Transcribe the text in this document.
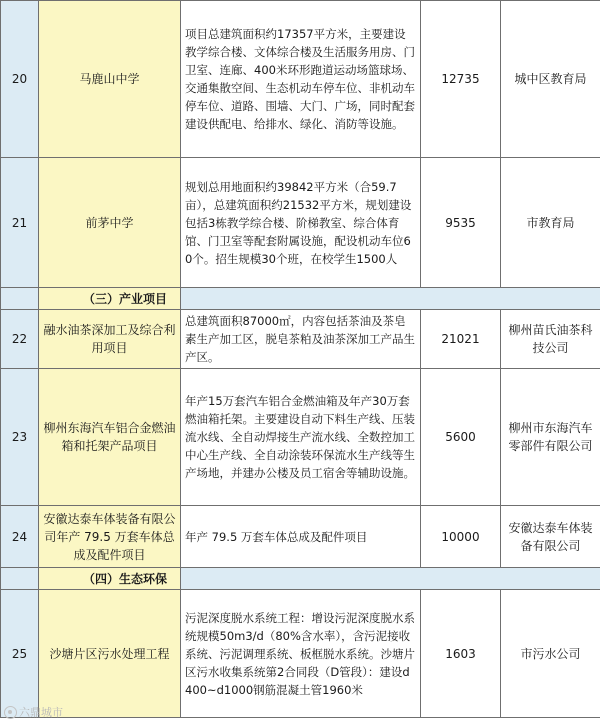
20	马鹿山中学	项目总建筑面积约17357平方米，主要建设教学综合楼、文体综合楼及生活服务用房、门卫室、连廊、400米环形跑道运动场篮球场、交通集散空间、生态机动车停车位、非机动车停车位、道路、围墙、大门、广场，同时配套建设供配电、给排水、绿化、消防等设施。	12735	城中区教育局
21	前茅中学	规划总用地面积约39842平方米（合59.7亩），总建筑面积约21532平方米，规划建设包括3栋教学综合楼、阶梯教室、综合体育馆、门卫室等配套附属设施，配设机动车位60个。招生规模30个班，在校学生1500人	9535	市教育局
	（三）产业项目			
22	融水油茶深加工及综合利用项目	总建筑面积87000㎡，内容包括茶油及茶皂素生产加工区，脱皂茶粕及油茶深加工产品生产区。	21021	柳州苗氏油茶科技公司
23	柳州东海汽车铝合金燃油箱和托架产品项目	年产15万套汽车铝合金燃油箱及年产30万套燃油箱托架。主要建设自动下料生产线、压装流水线、全自动焊接生产流水线、全数控加工中心生产线、全自动涂装环保流水生产线等生产场地，并建办公楼及员工宿舍等辅助设施。	5600	柳州市东海汽车零部件有限公司
24	安徽达泰车体装备有限公司年产 79.5 万套车体总成及配件项目	年产 79.5 万套车体总成及配件项目	10000	安徽达泰车体装备有限公司
	（四）生态环保			
25	沙塘片区污水处理工程	污泥深度脱水系统工程：增设污泥深度脱水系统规模50m3/d（80%含水率），含污泥接收系统、污泥调理系统、板框脱水系统。沙塘片区污水收集系统第2合同段（D管段）：建设d400~d1000钢筋混凝土管1960米	1603	市污水公司
六鼎城市
